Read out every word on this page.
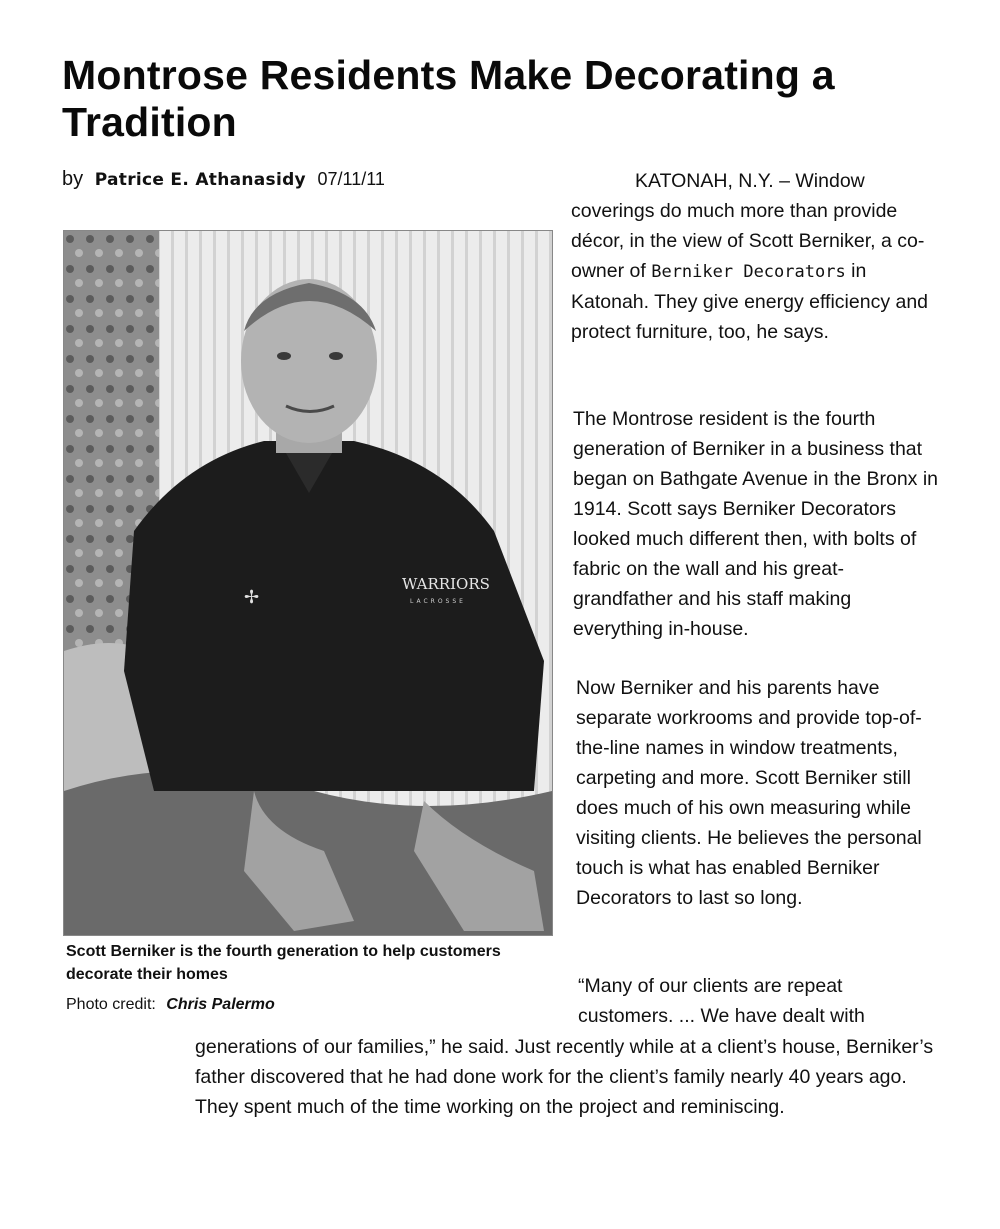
Montrose Residents Make Decorating a Tradition
by Patrice E. Athanasidy 07/11/11
WARRIORS
LACROSSE
✢
Scott Berniker is the fourth generation to help customers decorate their homes
Photo credit: Chris Palermo

KATONAH, N.Y. – Window coverings do much more than provide décor, in the view of Scott Berniker, a co-owner of Berniker Decorators in Katonah. They give energy efficiency and protect furniture, too, he says.

The Montrose resident is the fourth generation of Berniker in a business that began on Bathgate Avenue in the Bronx in 1914. Scott says Berniker Decorators looked much different then, with bolts of fabric on the wall and his great-grandfather and his staff making everything in-house.

Now Berniker and his parents have separate workrooms and provide top-of-the-line names in window treatments, carpeting and more. Scott Berniker still does much of his own measuring while visiting clients. He believes the personal touch is what has enabled Berniker Decorators to last so long.

“Many of our clients are repeat customers. ... We have dealt with

generations of our families,” he said. Just recently while at a client’s house, Berniker’s father discovered that he had done work for the client’s family nearly 40 years ago. They spent much of the time working on the project and reminiscing.
